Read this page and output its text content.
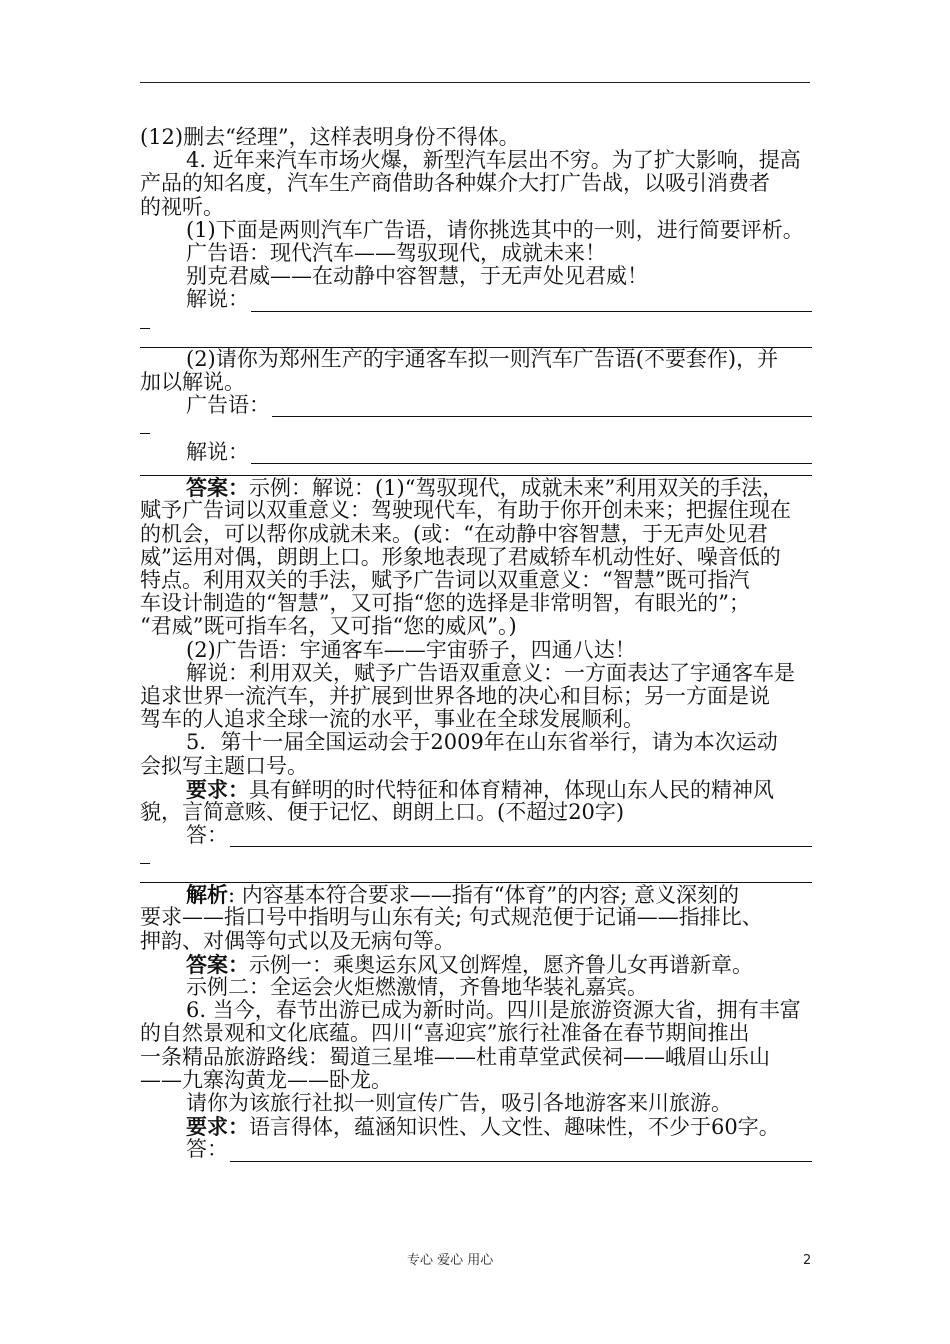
(12)删去“经理”，这样表明身份不得体。
4. 近年来汽车市场火爆，新型汽车层出不穷。为了扩大影响，提高
产品的知名度，汽车生产商借助各种媒介大打广告战，以吸引消费者
的视听。
(1)下面是两则汽车广告语，请你挑选其中的一则，进行简要评析。
广告语：现代汽车——驾驭现代，成就未来！
别克君威——在动静中容智慧，于无声处见君威！
解说：
(2)请你为郑州生产的宇通客车拟一则汽车广告语(不要套作)，并
加以解说。
广告语：
解说：
答案：示例：解说：(1)“驾驭现代，成就未来”利用双关的手法，
赋予广告词以双重意义：驾驶现代车，有助于你开创未来；把握住现在
的机会，可以帮你成就未来。(或：“在动静中容智慧，于无声处见君
威”运用对偶，朗朗上口。形象地表现了君威轿车机动性好、噪音低的
特点。利用双关的手法，赋予广告词以双重意义：“智慧”既可指汽
车设计制造的“智慧”，又可指“您的选择是非常明智，有眼光的”；
“君威”既可指车名，又可指“您的威风”。)
(2)广告语：宇通客车——宇宙骄子，四通八达！
解说：利用双关，赋予广告语双重意义：一方面表达了宇通客车是
追求世界一流汽车，并扩展到世界各地的决心和目标；另一方面是说
驾车的人追求全球一流的水平，事业在全球发展顺利。
5．第十一届全国运动会于2009年在山东省举行，请为本次运动
会拟写主题口号。
要求：具有鲜明的时代特征和体育精神，体现山东人民的精神风
貌，言简意赅、便于记忆、朗朗上口。(不超过20字)
答：
解析: 内容基本符合要求——指有“体育”的内容; 意义深刻的
要求——指口号中指明与山东有关; 句式规范便于记诵——指排比、
押韵、对偶等句式以及无病句等。
答案：示例一：乘奥运东风又创辉煌，愿齐鲁儿女再谱新章。
示例二：全运会火炬燃激情，齐鲁地华装礼嘉宾。
6. 当今，春节出游已成为新时尚。四川是旅游资源大省，拥有丰富
的自然景观和文化底蕴。四川“喜迎宾”旅行社准备在春节期间推出
一条精品旅游路线：蜀道三星堆——杜甫草堂武侯祠——峨眉山乐山
——九寨沟黄龙——卧龙。
请你为该旅行社拟一则宣传广告，吸引各地游客来川旅游。
要求：语言得体，蕴涵知识性、人文性、趣味性，不少于60字。
答：
专心 爱心 用心	2
